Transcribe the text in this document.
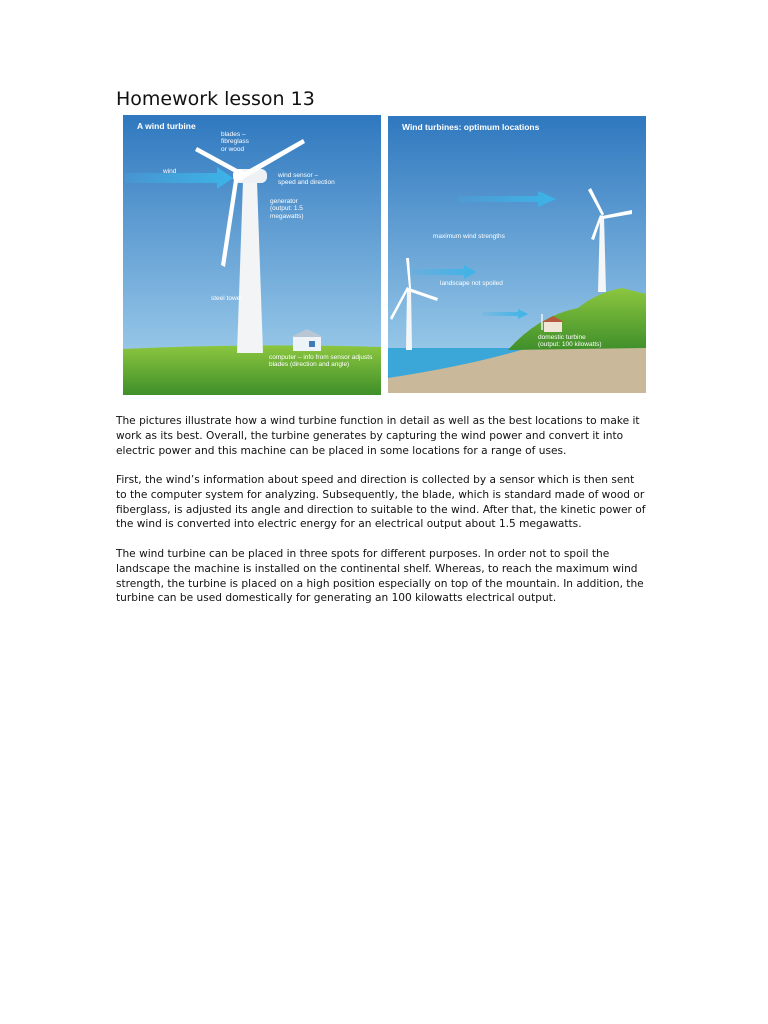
Homework lesson 13
A wind turbine
blades –
fibreglass
or wood
wind
wind sensor –
speed and direction
generator
(output: 1.5
megawatts)
steel tower
computer – info from sensor adjusts
blades (direction and angle)
Wind turbines: optimum locations
maximum wind strengths
landscape not spoiled
domestic turbine
(output: 100 kilowatts)

The pictures illustrate how a wind turbine function in detail as well as the best locations to make it work as its best. Overall, the turbine generates by capturing the wind power and convert it into electric power and this machine can be placed in some locations for a range of uses.

First, the wind’s information about speed and direction is collected by a sensor which is then sent to the computer system for analyzing. Subsequently, the blade, which is standard made of wood or fiberglass, is adjusted its angle and direction to suitable to the wind. After that, the kinetic power of the wind is converted into electric energy for an electrical output about 1.5 megawatts.

The wind turbine can be placed in three spots for different purposes. In order not to spoil the landscape the machine is installed on the continental shelf. Whereas, to reach the maximum wind strength, the turbine is placed on a high position especially on top of the mountain. In addition, the turbine can be used domestically for generating an 100 kilowatts electrical output.
